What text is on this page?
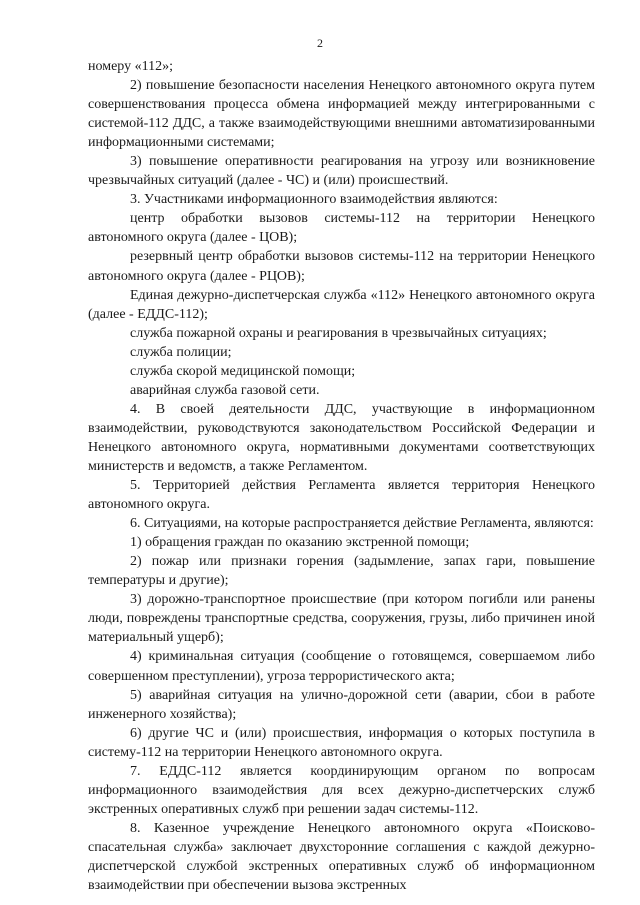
2

номеру «112»;

2) повышение безопасности населения Ненецкого автономного округа путем совершенствования процесса обмена информацией между интегрированными с системой-112 ДДС, а также взаимодействующими внешними автоматизированными информационными системами;

3) повышение оперативности реагирования на угрозу или возникновение чрезвычайных ситуаций (далее - ЧС) и (или) происшествий.

3. Участниками информационного взаимодействия являются:

центр обработки вызовов системы-112 на территории Ненецкого автономного округа (далее - ЦОВ);

резервный центр обработки вызовов системы-112 на территории Ненецкого автономного округа (далее - РЦОВ);

Единая дежурно-диспетчерская служба «112» Ненецкого автономного округа (далее - ЕДДС-112);

служба пожарной охраны и реагирования в чрезвычайных ситуациях;

служба полиции;

служба скорой медицинской помощи;

аварийная служба газовой сети.

4. В своей деятельности ДДС, участвующие в информационном взаимодействии, руководствуются законодательством Российской Федерации и Ненецкого автономного округа, нормативными документами соответствующих министерств и ведомств, а также Регламентом.

5. Территорией действия Регламента является территория Ненецкого автономного округа.

6. Ситуациями, на которые распространяется действие Регламента, являются:

1) обращения граждан по оказанию экстренной помощи;

2) пожар или признаки горения (задымление, запах гари, повышение температуры и другие);

3) дорожно-транспортное происшествие (при котором погибли или ранены люди, повреждены транспортные средства, сооружения, грузы, либо причинен иной материальный ущерб);

4) криминальная ситуация (сообщение о готовящемся, совершаемом либо совершенном преступлении), угроза террористического акта;

5) аварийная ситуация на улично-дорожной сети (аварии, сбои в работе инженерного хозяйства);

6) другие ЧС и (или) происшествия, информация о которых поступила в систему-112 на территории Ненецкого автономного округа.

7. ЕДДС-112 является координирующим органом по вопросам информационного взаимодействия для всех дежурно-диспетчерских служб экстренных оперативных служб при решении задач системы-112.

8. Казенное учреждение Ненецкого автономного округа «Поисково-спасательная служба» заключает двухсторонние соглашения с каждой дежурно-диспетчерской службой экстренных оперативных служб об информационном взаимодействии при обеспечении вызова экстренных
